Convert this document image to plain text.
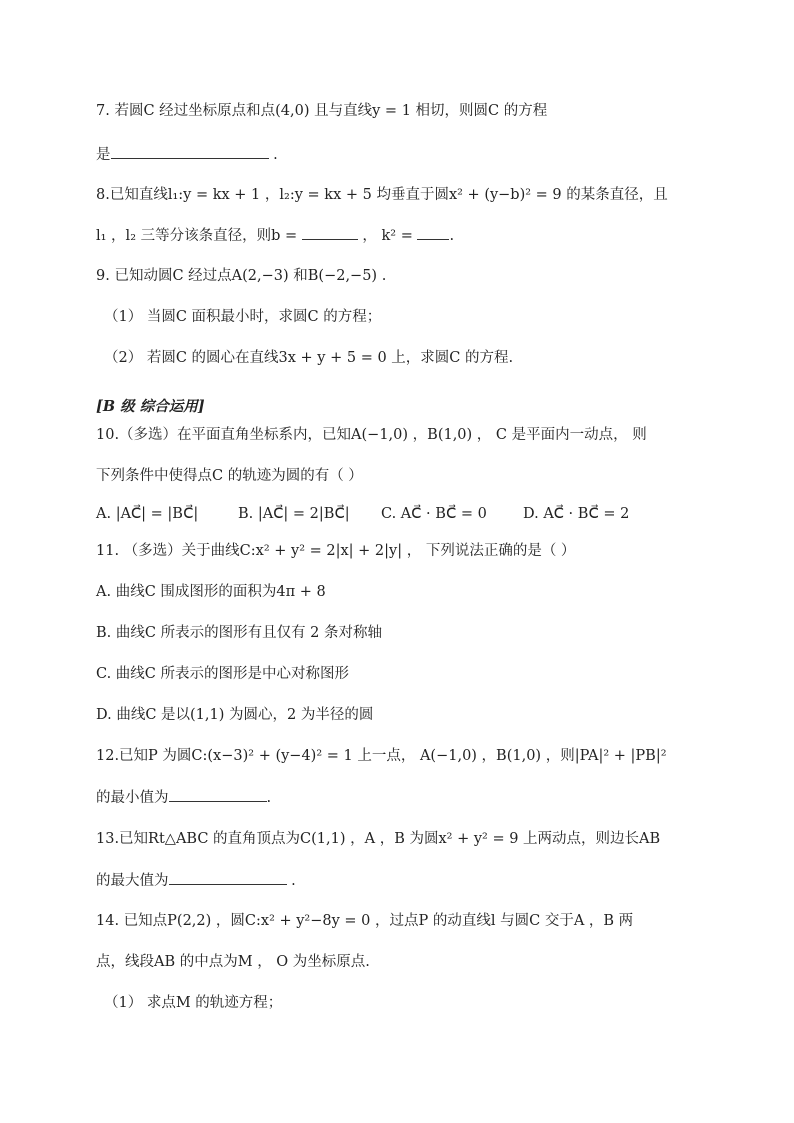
7. 若圆C 经过坐标原点和点(4,0) 且与直线y = 1 相切，则圆C 的方程
是	.
8.已知直线l₁:y = kx + 1 ，l₂:y = kx + 5 均垂直于圆x² + (y−b)² = 9 的某条直径，且
l₁ ，l₂ 三等分该条直径，则b =	， k² = .
9. 已知动圆C 经过点A(2,−3) 和B(−2,−5) .
（1） 当圆C 面积最小时，求圆C 的方程；
（2） 若圆C 的圆心在直线3x + y + 5 = 0 上，求圆C 的方程.
[B 级 综合运用]
10.（多选）在平面直角坐标系内，已知A(−1,0) ，B(1,0) ， C 是平面内一动点， 则
下列条件中使得点C 的轨迹为圆的有（ ）
A. |AC⃗| = |BC⃗|	B. |AC⃗| = 2|BC⃗| C. AC⃗ · BC⃗ = 0 D. AC⃗ · BC⃗ = 2
11. （多选）关于曲线C:x² + y² = 2|x| + 2|y| ， 下列说法正确的是（ ）
A. 曲线C 围成图形的面积为4π + 8
B. 曲线C 所表示的图形有且仅有 2 条对称轴
C. 曲线C 所表示的图形是中心对称图形
D. 曲线C 是以(1,1) 为圆心，2 为半径的圆
12.已知P 为圆C:(x−3)² + (y−4)² = 1 上一点， A(−1,0) ，B(1,0) ，则|PA|² + |PB|²
的最小值为	.
13.已知Rt△ABC 的直角顶点为C(1,1) ，A ，B 为圆x² + y² = 9 上两动点，则边长AB
的最大值为	.
14. 已知点P(2,2) ，圆C:x² + y²−8y = 0 ，过点P 的动直线l 与圆C 交于A ，B 两
点，线段AB 的中点为M ， O 为坐标原点.
（1） 求点M 的轨迹方程；
